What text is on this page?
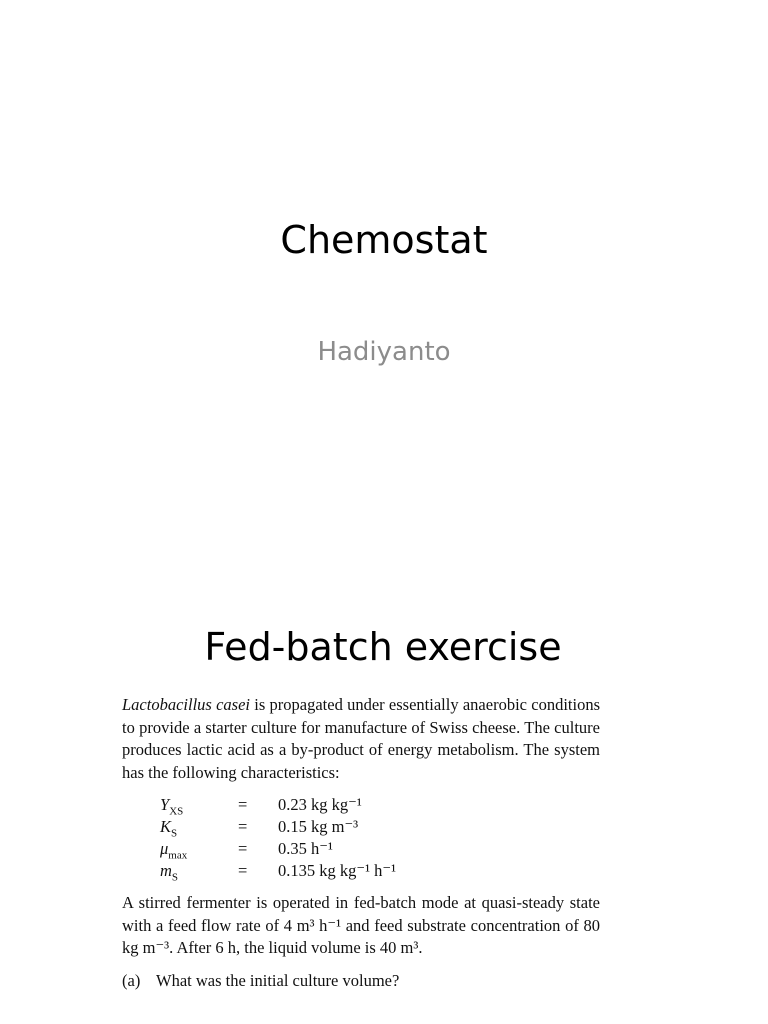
Chemostat
Hadiyanto
Fed-batch exercise

Lactobacillus casei is propagated under essentially anaerobic conditions to provide a starter culture for manufacture of Swiss cheese. The culture produces lactic acid as a by-product of energy metabolism. The system has the following characteristics:

$Y_{XS}$	=	0.23 kg kg⁻¹
$K_S$	=	0.15 kg m⁻³
$\mu_{max}$	=	0.35 h⁻¹
$m_S$	=	0.135 kg kg⁻¹ h⁻¹

A stirred fermenter is operated in fed-batch mode at quasi-steady state with a feed flow rate of 4 m³ h⁻¹ and feed substrate concentration of 80 kg m⁻³. After 6 h, the liquid volume is 40 m³.

(a) What was the initial culture volume?
